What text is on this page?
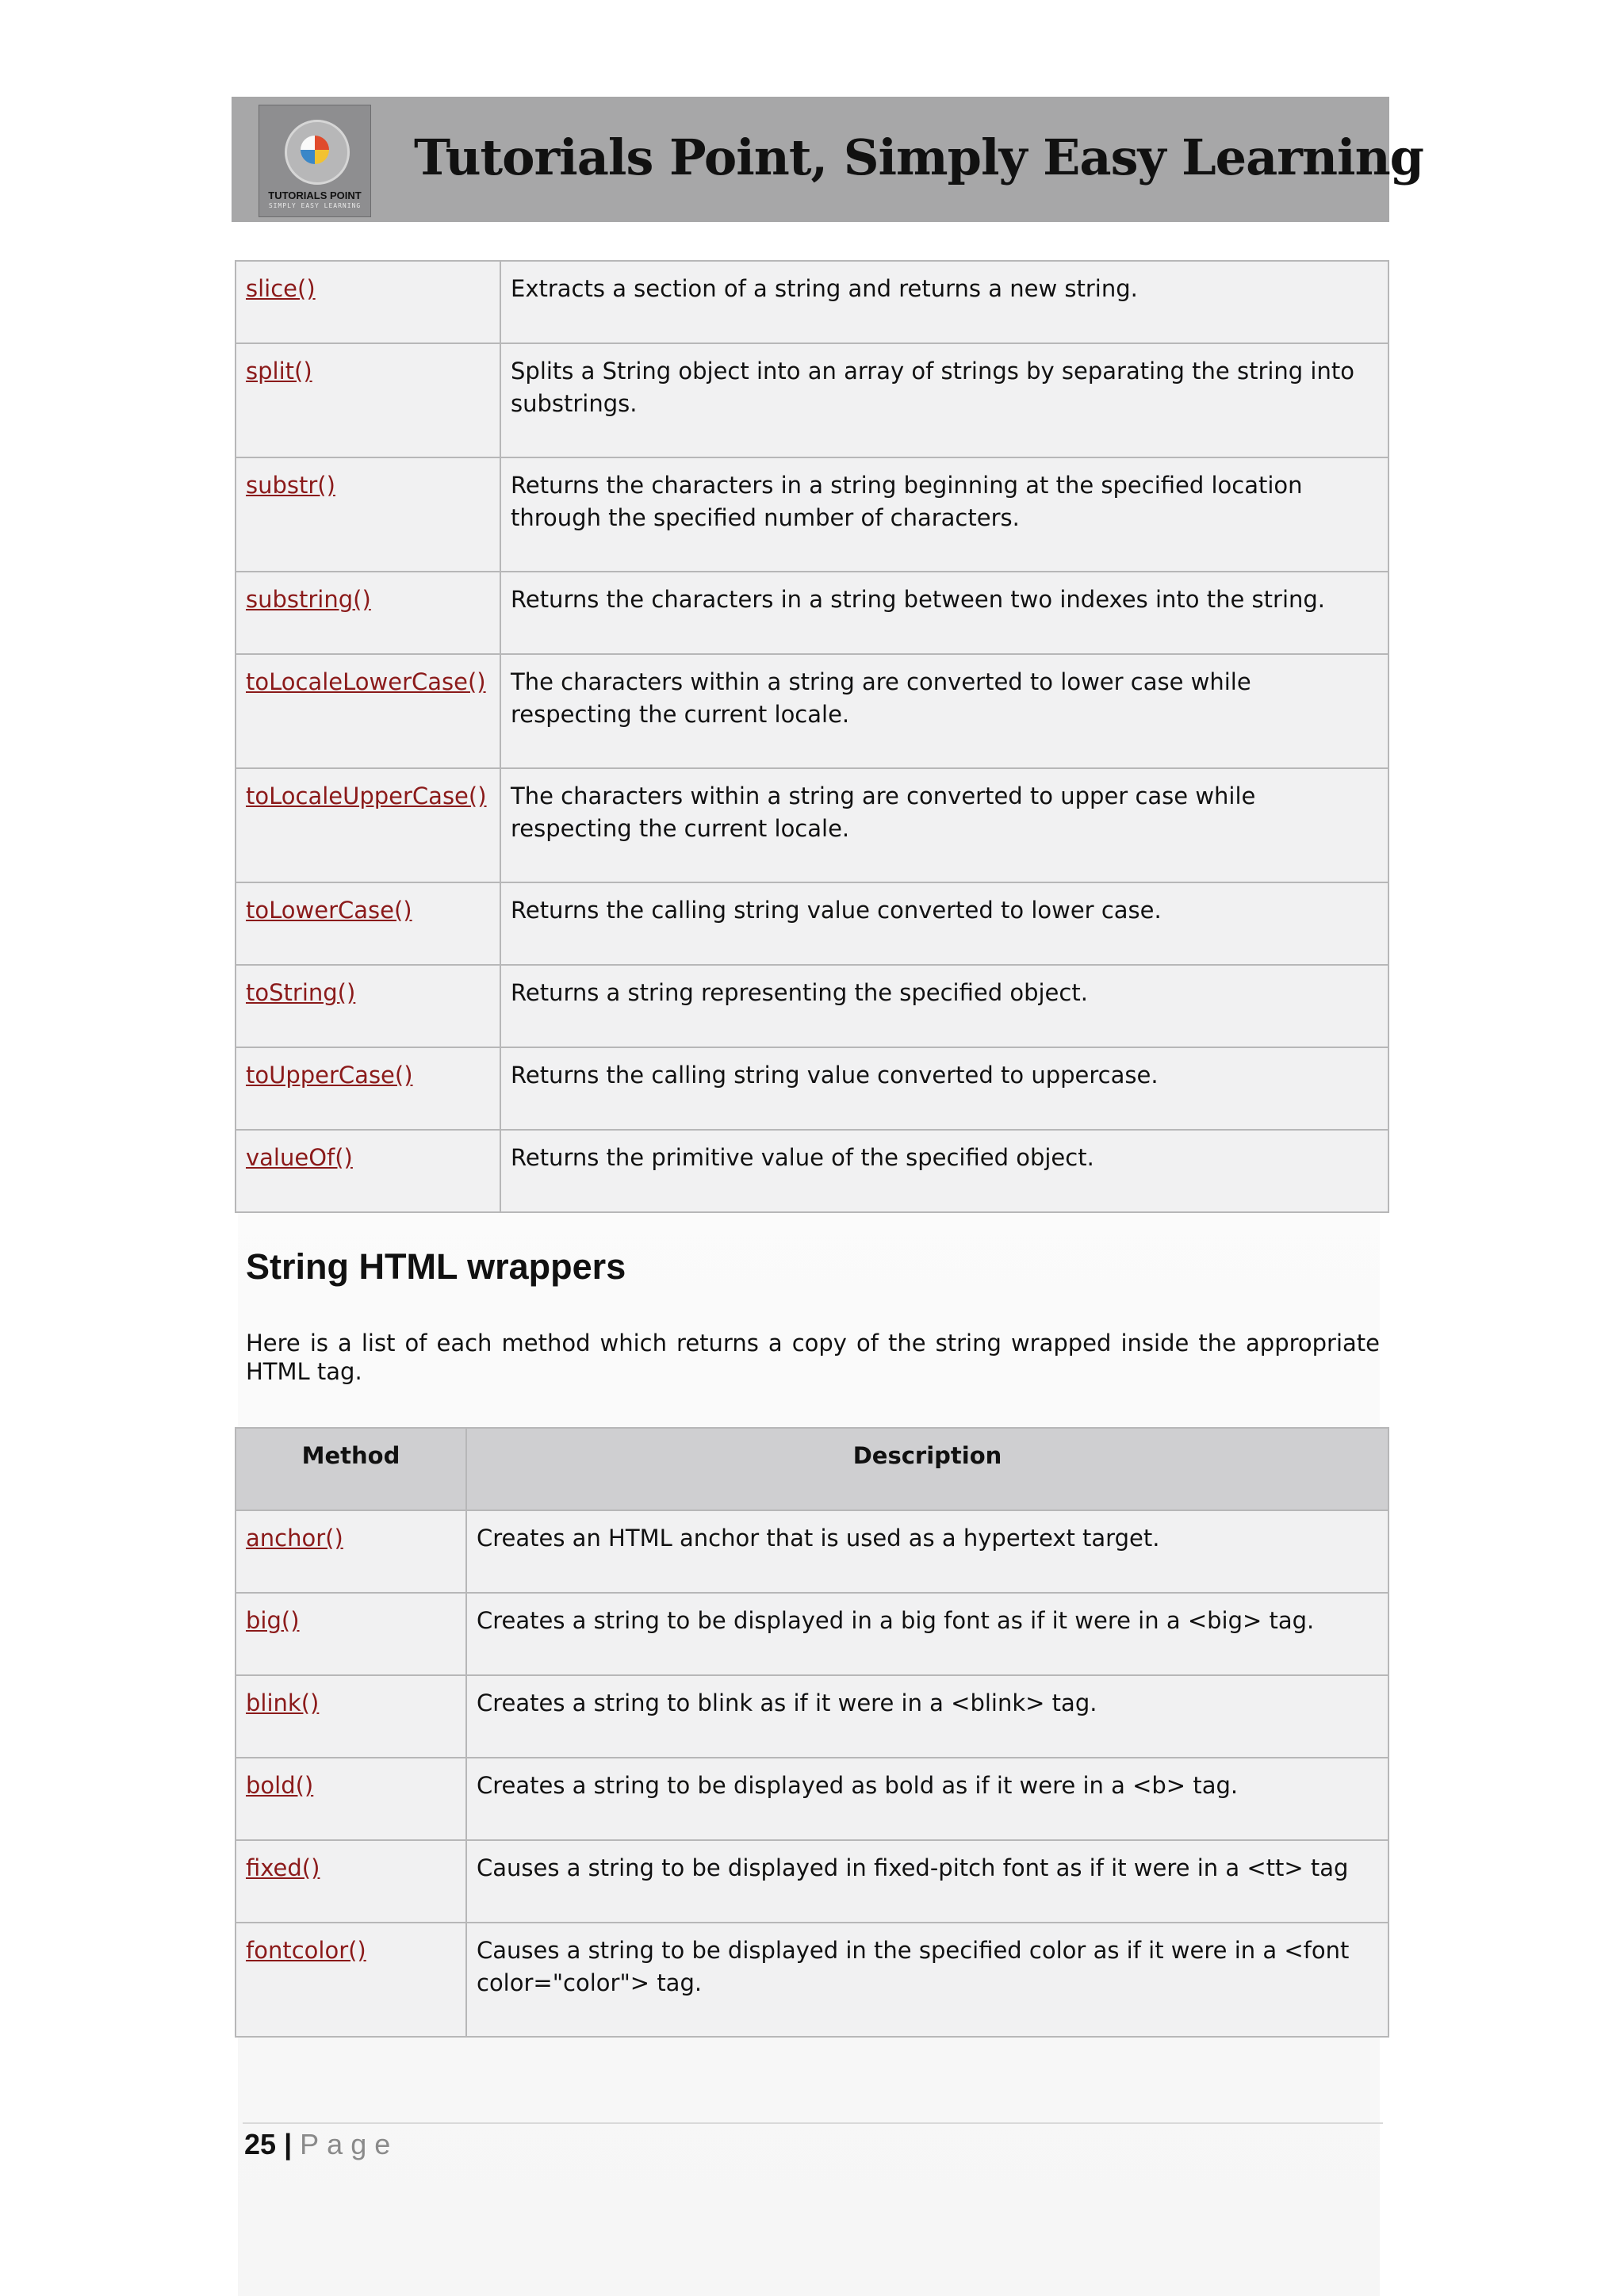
TUTORIALS POINT
SIMPLY EASY LEARNING
Tutorials Point, Simply Easy Learning
slice()	Extracts a section of a string and returns a new string.
split()	Splits a String object into an array of strings by separating the string into substrings.
substr()	Returns the characters in a string beginning at the specified location through the specified number of characters.
substring()	Returns the characters in a string between two indexes into the string.
toLocaleLowerCase()	The characters within a string are converted to lower case while respecting the current locale.
toLocaleUpperCase()	The characters within a string are converted to upper case while respecting the current locale.
toLowerCase()	Returns the calling string value converted to lower case.
toString()	Returns a string representing the specified object.
toUpperCase()	Returns the calling string value converted to uppercase.
valueOf()	Returns the primitive value of the specified object.
String HTML wrappers
Here is a list of each method which returns a copy of the string wrapped inside the appropriate HTML tag.
Method	Description
anchor()	Creates an HTML anchor that is used as a hypertext target.
big()	Creates a string to be displayed in a big font as if it were in a <big> tag.
blink()	Creates a string to blink as if it were in a <blink> tag.
bold()	Creates a string to be displayed as bold as if it were in a <b> tag.
fixed()	Causes a string to be displayed in fixed-pitch font as if it were in a <tt> tag
fontcolor()	Causes a string to be displayed in the specified color as if it were in a <font color="color"> tag.
25 | Page
